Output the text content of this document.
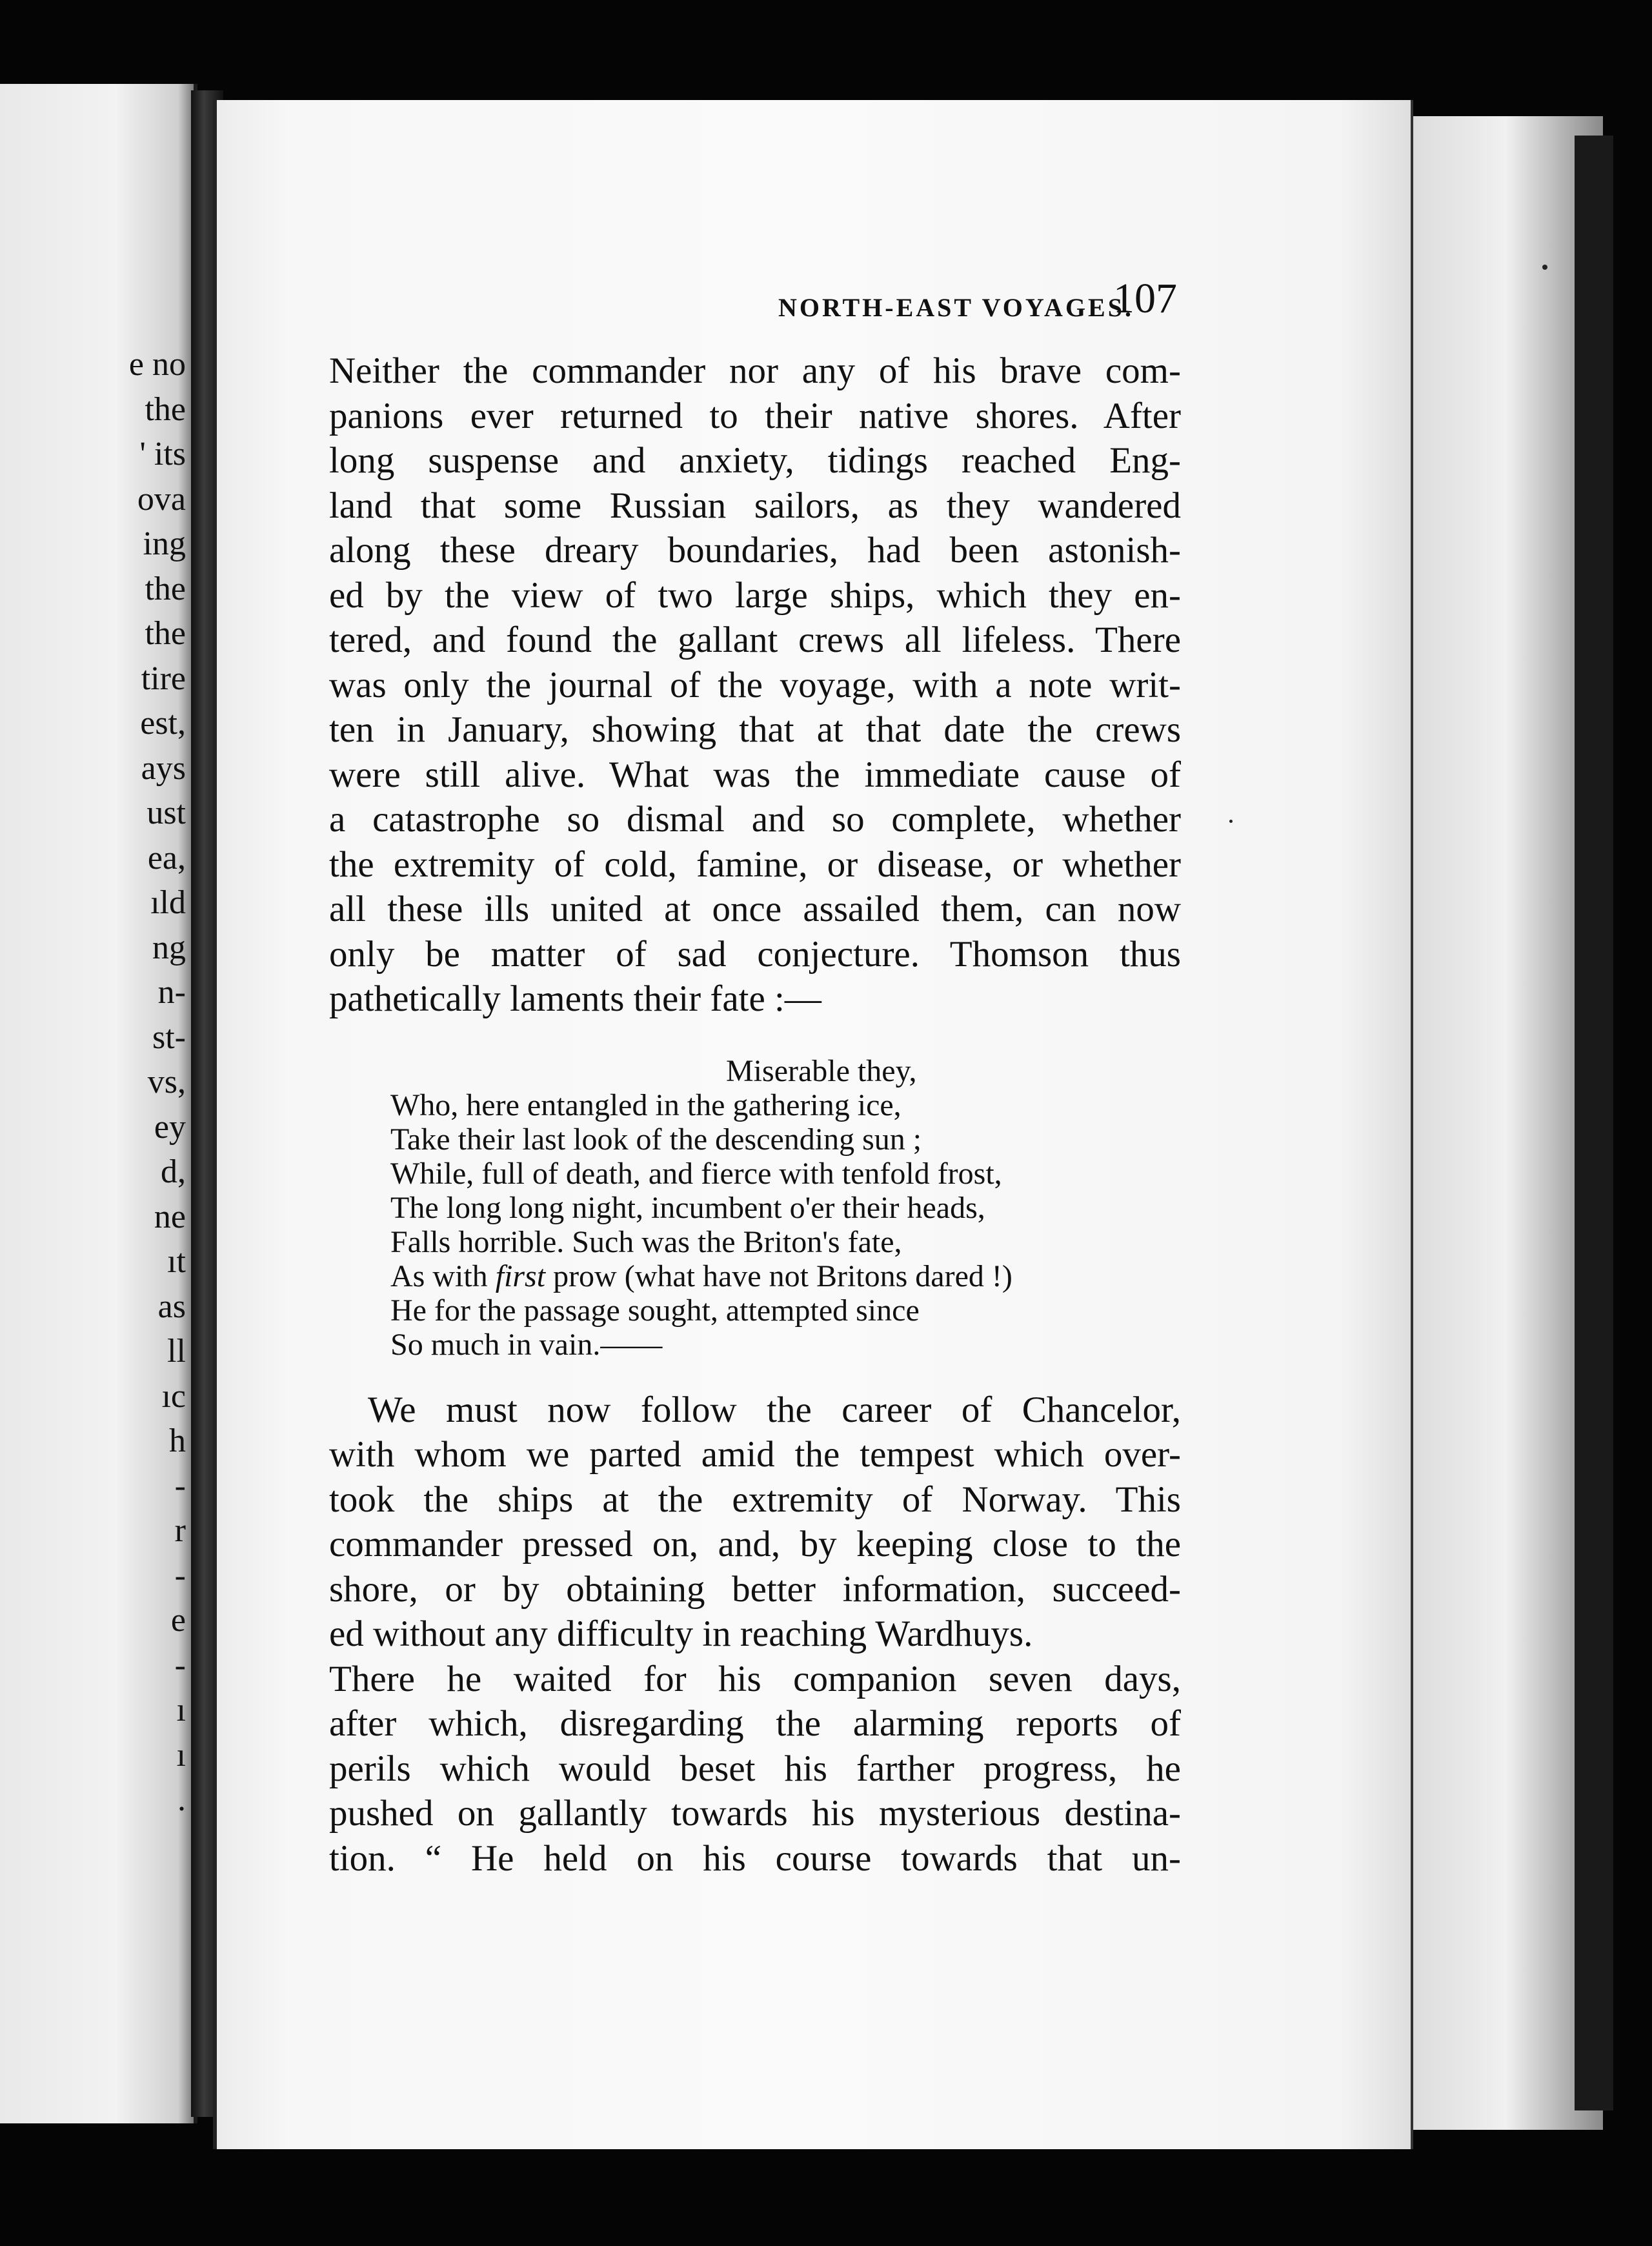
e no
the
' its
ova
ing
the
the
tire
est,
ays
ust
ea,
ıld
ng
n-
st-
vs,
ey
d,
ne
ıt
as
ll
ıc
h
-
r
-
e
-
ı
ı
.
NORTH-EAST VOYAGES.
107

Neither the commander nor any of his brave com-
panions ever returned to their native shores. After
long suspense and anxiety, tidings reached Eng-
land that some Russian sailors, as they wandered
along these dreary boundaries, had been astonish-
ed by the view of two large ships, which they en-
tered, and found the gallant crews all lifeless. There
was only the journal of the voyage, with a note writ-
ten in January, showing that at that date the crews
were still alive. What was the immediate cause of
a catastrophe so dismal and so complete, whether
the extremity of cold, famine, or disease, or whether
all these ills united at once assailed them, can now
only be matter of sad conjecture. Thomson thus
pathetically laments their fate :—

Miserable they,
Who, here entangled in the gathering ice,
Take their last look of the descending sun ;
While, full of death, and fierce with tenfold frost,
The long long night, incumbent o'er their heads,
Falls horrible. Such was the Briton's fate,
As with first prow (what have not Britons dared !)
He for the passage sought, attempted since
So much in vain.——

We must now follow the career of Chancelor,
with whom we parted amid the tempest which over-
took the ships at the extremity of Norway. This
commander pressed on, and, by keeping close to the
shore, or by obtaining better information, succeed-
ed without any difficulty in reaching Wardhuys.
There he waited for his companion seven days,
after which, disregarding the alarming reports of
perils which would beset his farther progress, he
pushed on gallantly towards his mysterious destina-
tion. “ He held on his course towards that un-
